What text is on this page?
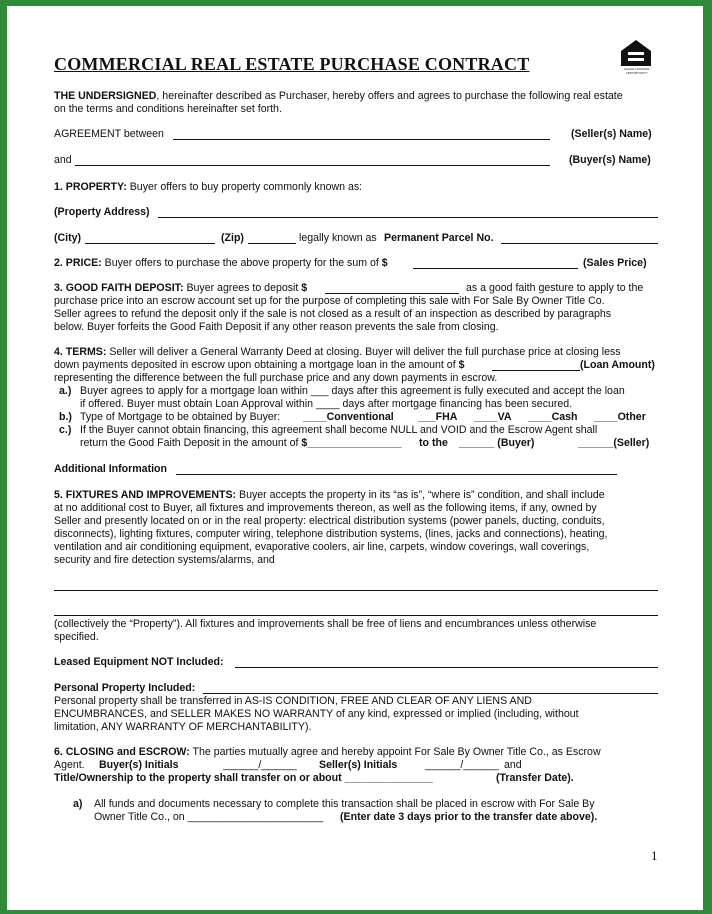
COMMERCIAL REAL ESTATE PURCHASE CONTRACT	EQUAL HOUSING OPPORTUNITY
THE UNDERSIGNED, hereinafter described as Purchaser, hereby offers and agrees to purchase the following real estate
on the terms and conditions hereinafter set forth.
AGREEMENT between	(Seller(s) Name)
and	(Buyer(s) Name)
1. PROPERTY: Buyer offers to buy property commonly known as:
(Property Address)
(City)	(Zip)	legally known as Permanent Parcel No.
2. PRICE: Buyer offers to purchase the above property for the sum of $	(Sales Price)
3. GOOD FAITH DEPOSIT: Buyer agrees to deposit $	as a good faith gesture to apply to the
purchase price into an escrow account set up for the purpose of completing this sale with For Sale By Owner Title Co.
Seller agrees to refund the deposit only if the sale is not closed as a result of an inspection as described by paragraphs
below. Buyer forfeits the Good Faith Deposit if any other reason prevents the sale from closing.
4. TERMS: Seller will deliver a General Warranty Deed at closing. Buyer will deliver the full purchase price at closing less
down payments deposited in escrow upon obtaining a mortgage loan in the amount of $	(Loan Amount)
representing the difference between the full purchase price and any down payments in escrow.
a.) Buyer agrees to apply for a mortgage loan within ___ days after this agreement is fully executed and accept the loan
if offered. Buyer must obtain Loan Approval within ____ days after mortgage financing has been secured.
b.) Type of Mortgage to be obtained by Buyer: ____Conventional ___FHA ____VA ____Cash ____Other
c.) If the Buyer cannot obtain financing, this agreement shall become NULL and VOID and the Escrow Agent shall
return the Good Faith Deposit in the amount of $________________ to the ______ (Buyer)	______(Seller)
Additional Information
5. FIXTURES AND IMPROVEMENTS: Buyer accepts the property in its “as is”, “where is” condition, and shall include
at no additional cost to Buyer, all fixtures and improvements thereon, as well as the following items, if any, owned by
Seller and presently located on or in the real property: electrical distribution systems (power panels, ducting, conduits,
disconnects), lighting fixtures, computer wiring, telephone distribution systems, (lines, jacks and connections), heating,
ventilation and air conditioning equipment, evaporative coolers, air line, carpets, window coverings, wall coverings,
security and fire detection systems/alarms, and
(collectively the “Property”). All fixtures and improvements shall be free of liens and encumbrances unless otherwise
specified.
Leased Equipment NOT Included:
Personal Property Included:
Personal property shall be transferred in AS-IS CONDITION, FREE AND CLEAR OF ANY LIENS AND
ENCUMBRANCES, and SELLER MAKES NO WARRANTY of any kind, expressed or implied (including, without
limitation, ANY WARRANTY OF MERCHANTABILITY).
6. CLOSING and ESCROW: The parties mutually agree and hereby appoint For Sale By Owner Title Co., as Escrow
Agent. Buyer(s) Initials	______/______ Seller(s) Initials	______/______ and
Title/Ownership to the property shall transfer on or about _______________	(Transfer Date).
a) All funds and documents necessary to complete this transaction shall be placed in escrow with For Sale By
Owner Title Co., on _______________________ (Enter date 3 days prior to the transfer date above).
1
